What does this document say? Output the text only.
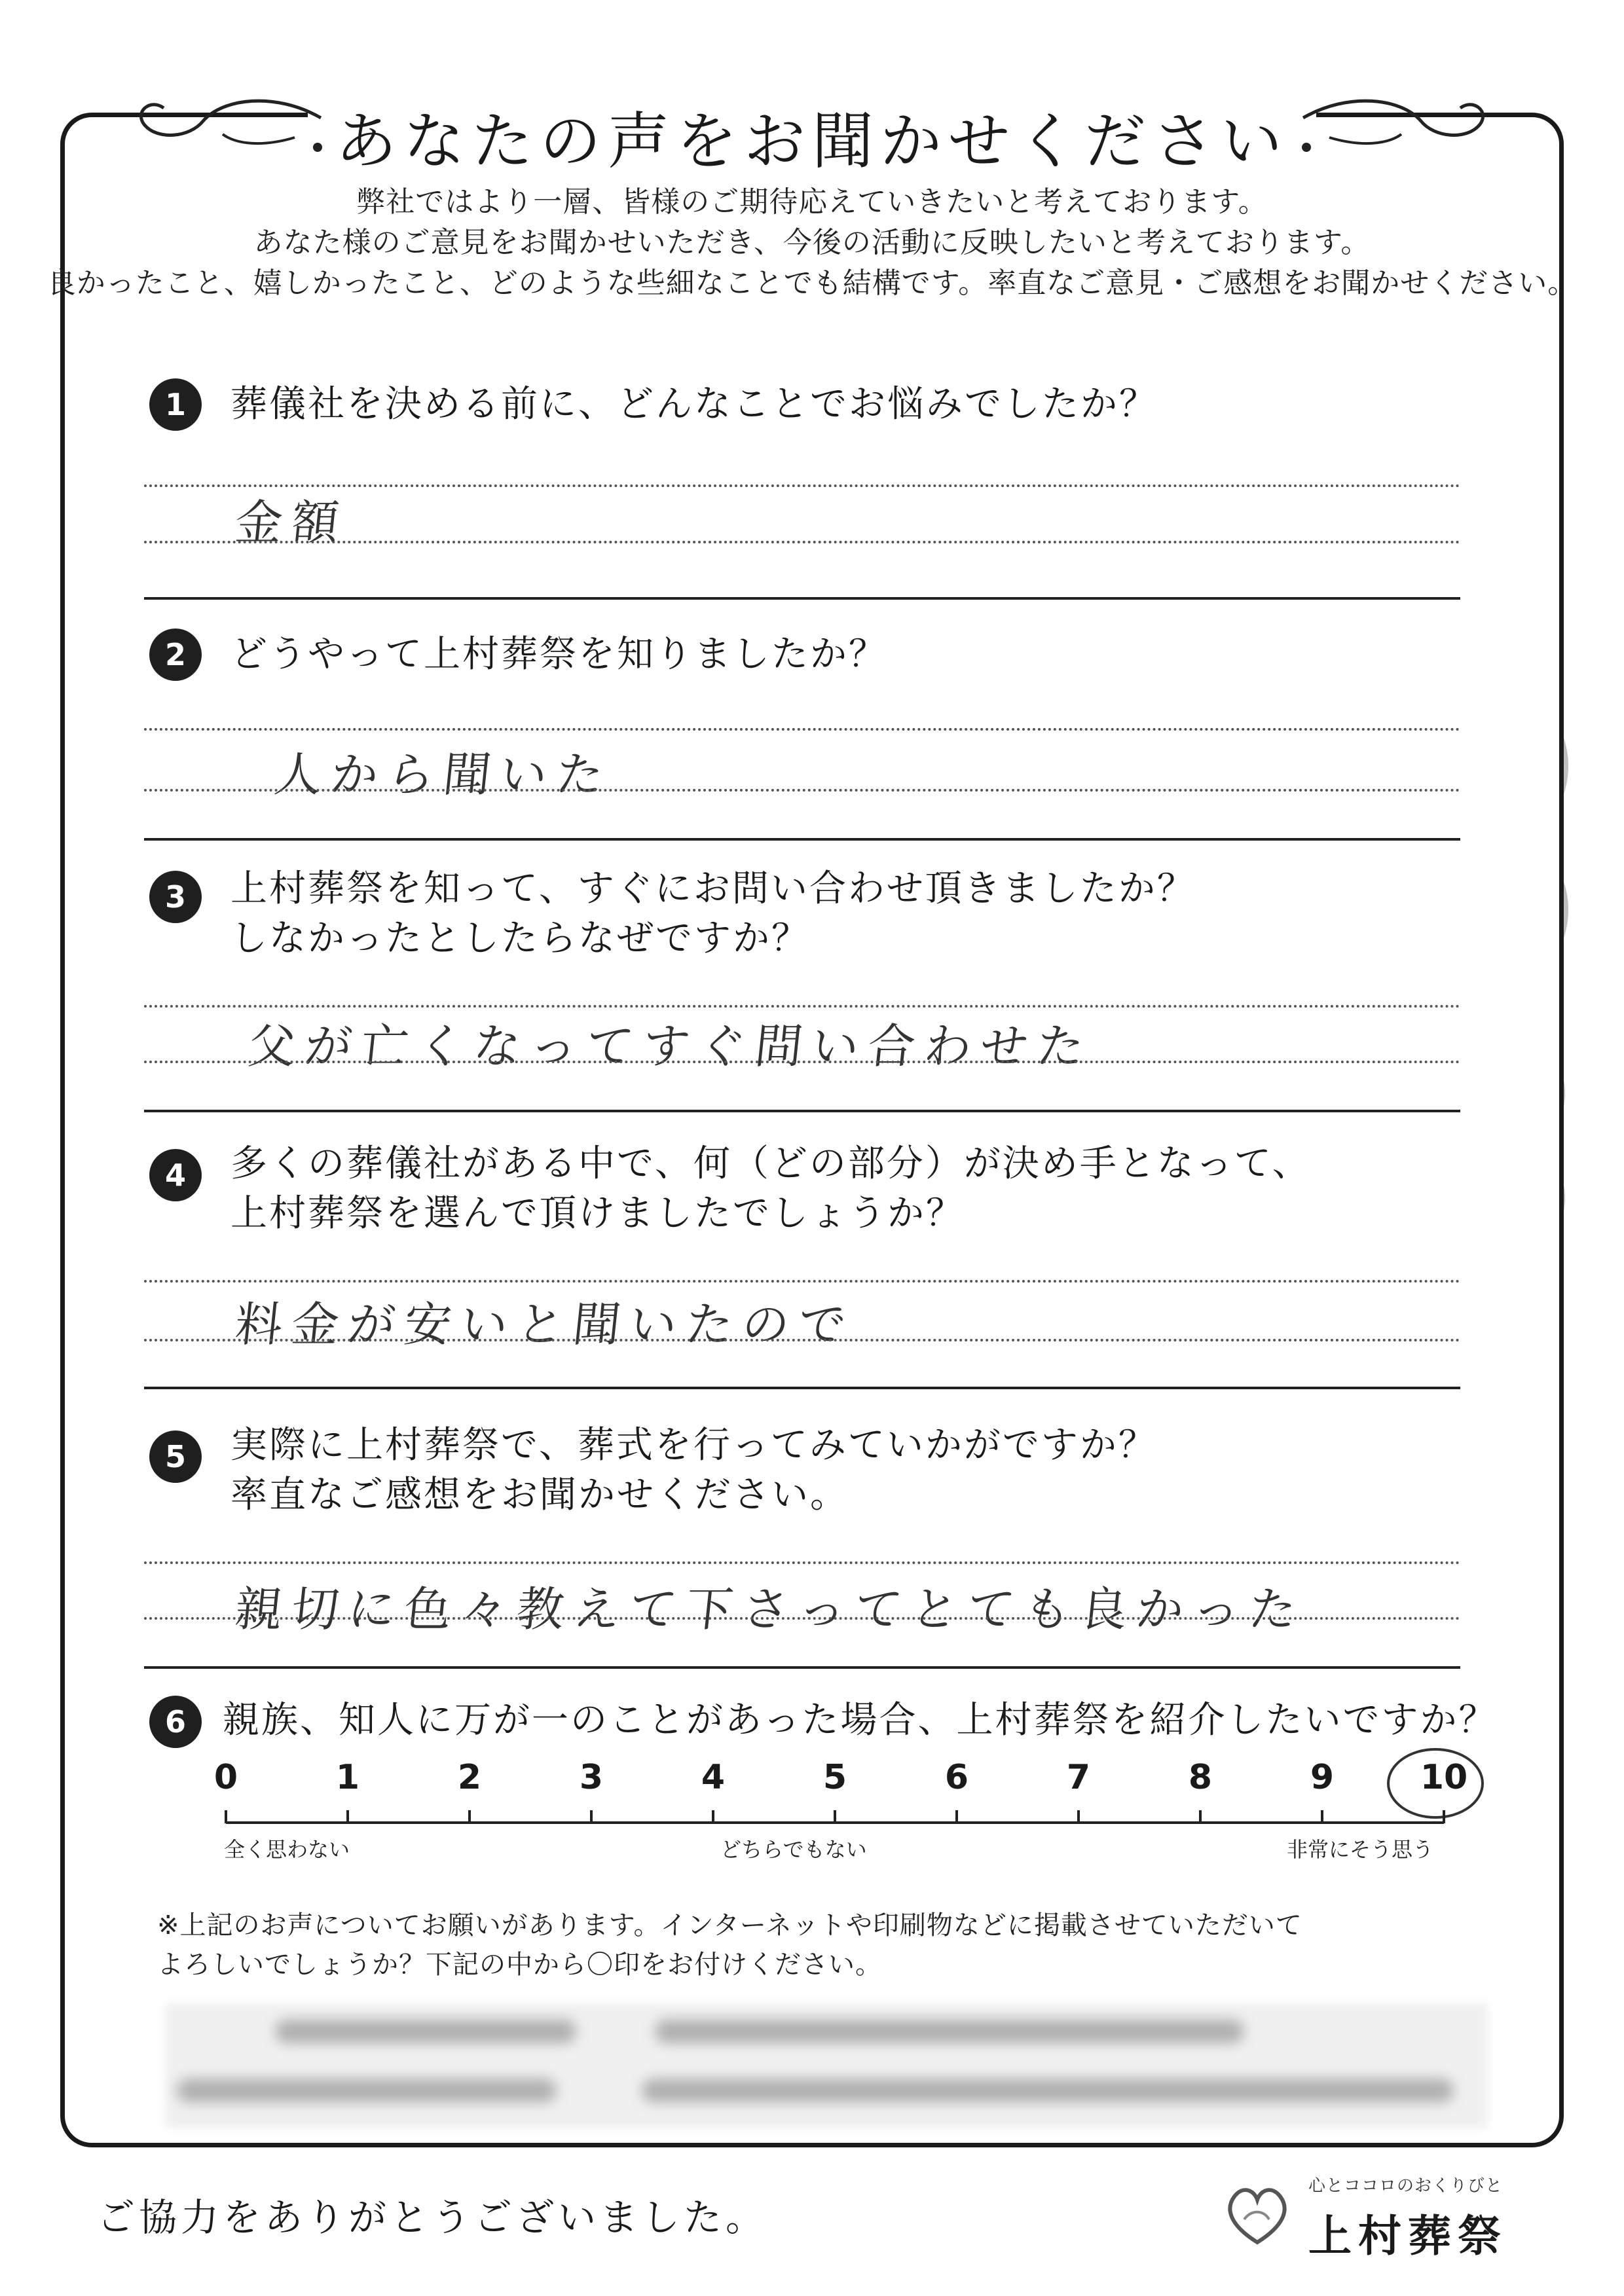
あなたの声をお聞かせください
弊社ではより一層、皆様のご期待応えていきたいと考えております。
あなた様のご意見をお聞かせいただき、今後の活動に反映したいと考えております。
良かったこと、嬉しかったこと、どのような些細なことでも結構です。率直なご意見・ご感想をお聞かせください。
1	葬儀社を決める前に、どんなことでお悩みでしたか？
金額
2	どうやって上村葬祭を知りましたか？
人から聞いた
3	上村葬祭を知って、すぐにお問い合わせ頂きましたか？
しなかったとしたらなぜですか？
父が亡くなってすぐ問い合わせた
4	多くの葬儀社がある中で、何（どの部分）が決め手となって、
上村葬祭を選んで頂けましたでしょうか？
料金が安いと聞いたので
5	実際に上村葬祭で、葬式を行ってみていかがですか？
率直なご感想をお聞かせください。
親切に色々教えて下さってとても良かった
6	親族、知人に万が一のことがあった場合、上村葬祭を紹介したいですか？
全く思わない	どちらでもない	非常にそう思う
※上記のお声についてお願いがあります。インターネットや印刷物などに掲載させていただいて
よろしいでしょうか？下記の中から〇印をお付けください。
ご協力をありがとうございました。
心とココロのおくりびと
上村葬祭
0	1	2	3	4	5	6	7	8	9	10
